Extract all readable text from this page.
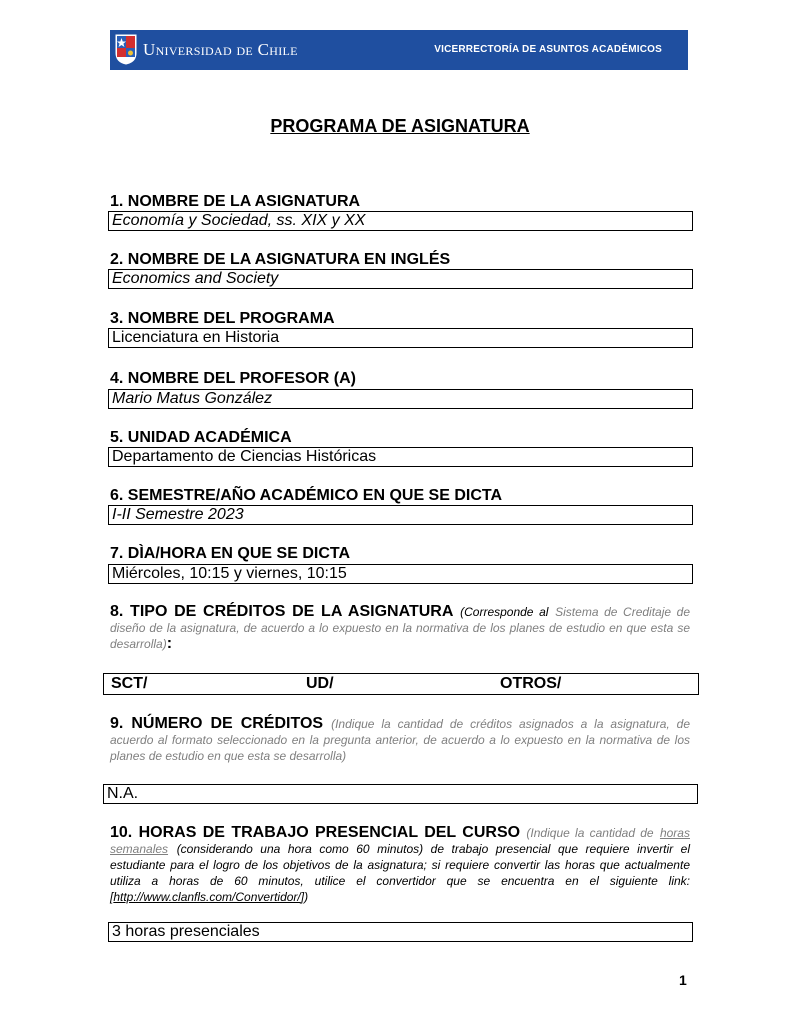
Universidad de Chile	VICERRECTORÍA DE ASUNTOS ACADÉMICOS
PROGRAMA DE ASIGNATURA
1. NOMBRE DE LA ASIGNATURA
Economía y Sociedad, ss. XIX y XX
2. NOMBRE DE LA ASIGNATURA EN INGLÉS
Economics and Society
3. NOMBRE DEL PROGRAMA
Licenciatura en Historia
4. NOMBRE DEL PROFESOR (A)
Mario Matus González
5. UNIDAD ACADÉMICA
Departamento de Ciencias Históricas
6. SEMESTRE/AÑO ACADÉMICO EN QUE SE DICTA
I-II Semestre 2023
7. DÌA/HORA EN QUE SE DICTA
Miércoles, 10:15 y viernes, 10:15
8. TIPO DE CRÉDITOS DE LA ASIGNATURA (Corresponde al Sistema de Creditaje de diseño de la asignatura, de acuerdo a lo expuesto en la normativa de los planes de estudio en que esta se desarrolla):
SCT/	UD/	OTROS/
9. NÚMERO DE CRÉDITOS (Indique la cantidad de créditos asignados a la asignatura, de acuerdo al formato seleccionado en la pregunta anterior, de acuerdo a lo expuesto en la normativa de los planes de estudio en que esta se desarrolla)
N.A.
10. HORAS DE TRABAJO PRESENCIAL DEL CURSO (Indique la cantidad de horas semanales (considerando una hora como 60 minutos) de trabajo presencial que requiere invertir el estudiante para el logro de los objetivos de la asignatura; si requiere convertir las horas que actualmente utiliza a horas de 60 minutos, utilice el convertidor que se encuentra en el siguiente link: [http://www.clanfls.com/Convertidor/])
3 horas presenciales
1
